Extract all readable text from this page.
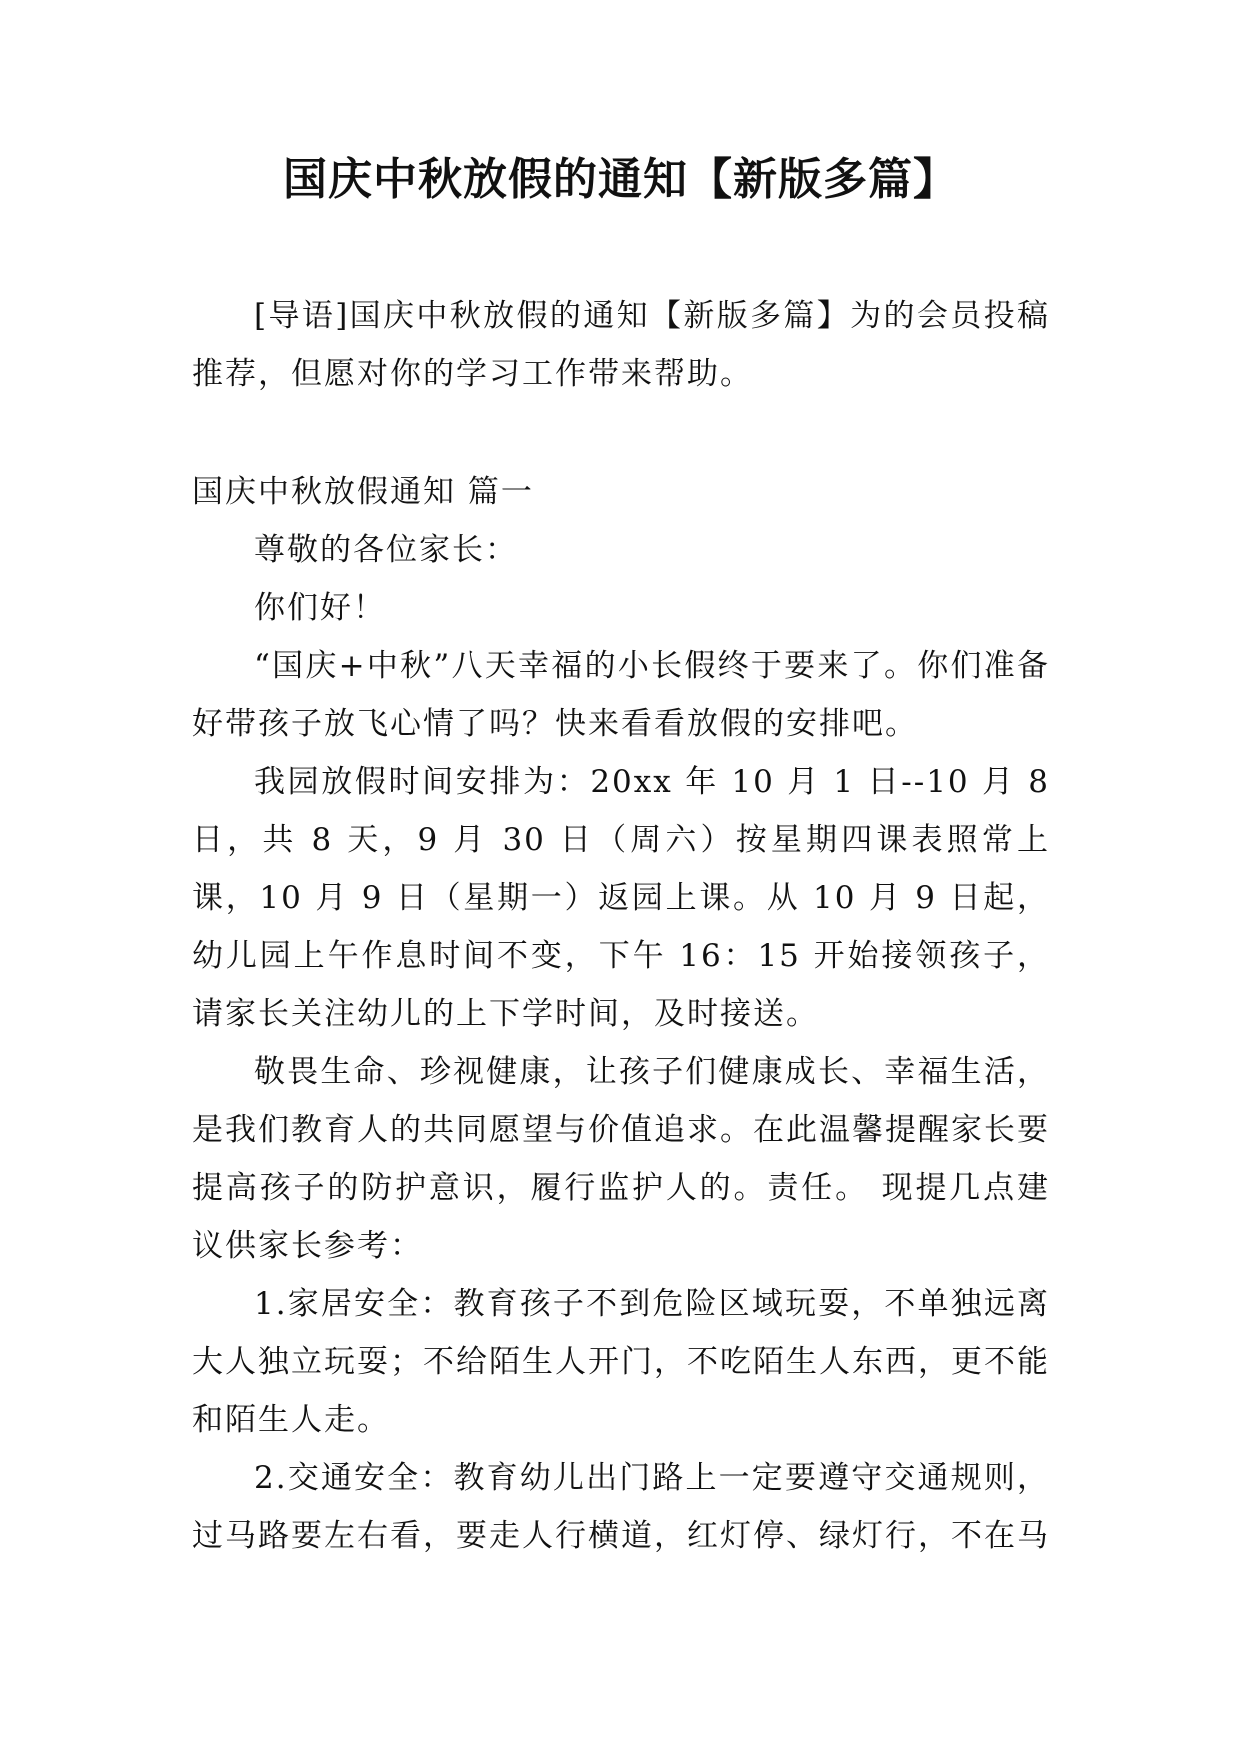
国庆中秋放假的通知【新版多篇】

[导语]国庆中秋放假的通知【新版多篇】为的会员投稿推荐，但愿对你的学习工作带来帮助。

国庆中秋放假通知 篇一

尊敬的各位家长：

你们好！

“国庆+中秋”八天幸福的小长假终于要来了。你们准备好带孩子放飞心情了吗？快来看看放假的安排吧。

我园放假时间安排为：20xx 年 10 月 1 日--10 月 8 日，共 8 天，9 月 30 日（周六）按星期四课表照常上课，10 月 9 日（星期一）返园上课。从 10 月 9 日起，幼儿园上午作息时间不变，下午 16：15 开始接领孩子，请家长关注幼儿的上下学时间，及时接送。

敬畏生命、珍视健康，让孩子们健康成长、幸福生活，是我们教育人的共同愿望与价值追求。在此温馨提醒家长要提高孩子的防护意识，履行监护人的。责任。 现提几点建议供家长参考：

1.家居安全：教育孩子不到危险区域玩耍，不单独远离大人独立玩耍；不给陌生人开门，不吃陌生人东西，更不能和陌生人走。

2.交通安全：教育幼儿出门路上一定要遵守交通规则，过马路要左右看，要走人行横道，红灯停、绿灯行，不在马
